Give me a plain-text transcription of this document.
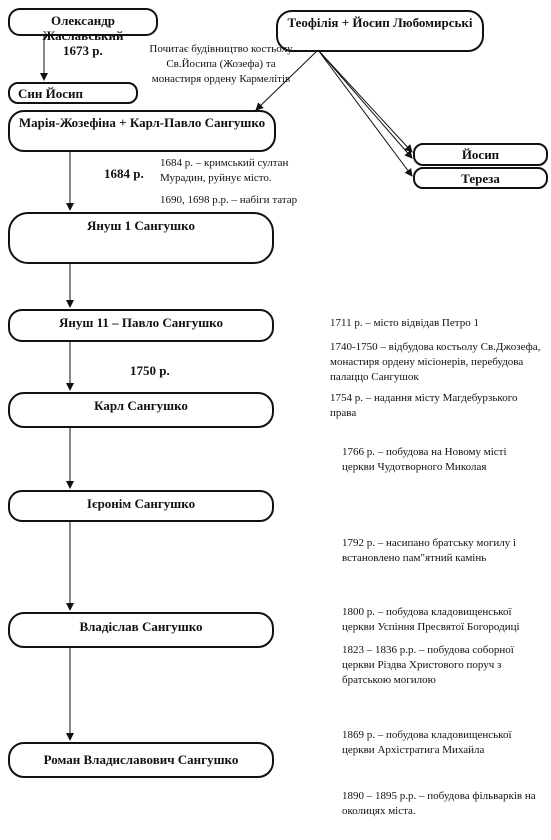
Олександр Жаславський
Теофілія + Йосип Любомирські
Син Йосип
Марія-Жозефіна + Карл-Павло Сангушко
Йосип
Тереза
Януш 1 Сангушко
Януш 11 – Павло Сангушко
Карл Сангушко
Ієронім Сангушко
Владіслав Сангушко
Роман Владиславович Сангушко
1673 р.
1684 р.
1750 р.
Почитає будівництво костьолу Св.Йосипа (Жозефа) та монастиря ордену Кармелітів
1684 р. – кримський султан Мурадин, руйнує місто.
1690, 1698 р.р. – набіги татар
1711 р. – місто відвідав Петро 1
1740-1750 – відбудова костьолу Св.Джозефа, монастиря ордену місіонерів, перебудова палаццо Сангушок
1754 р. – надання місту Магдебурзького права
1766 р. – побудова на Новому місті церкви Чудотворного Миколая
1792 р. – насипано братську могилу і встановлено пам"ятний камінь
1800 р. – побудова кладовищенської церкви Успіння Пресвятої Богородиці
1823 – 1836 р.р. – побудова соборної церкви Різдва Христового поруч з братською могилою
1869 р. – побудова кладовищенської церкви Архістратига Михайла
1890 – 1895 р.р. – побудова фільварків на околицях міста.
